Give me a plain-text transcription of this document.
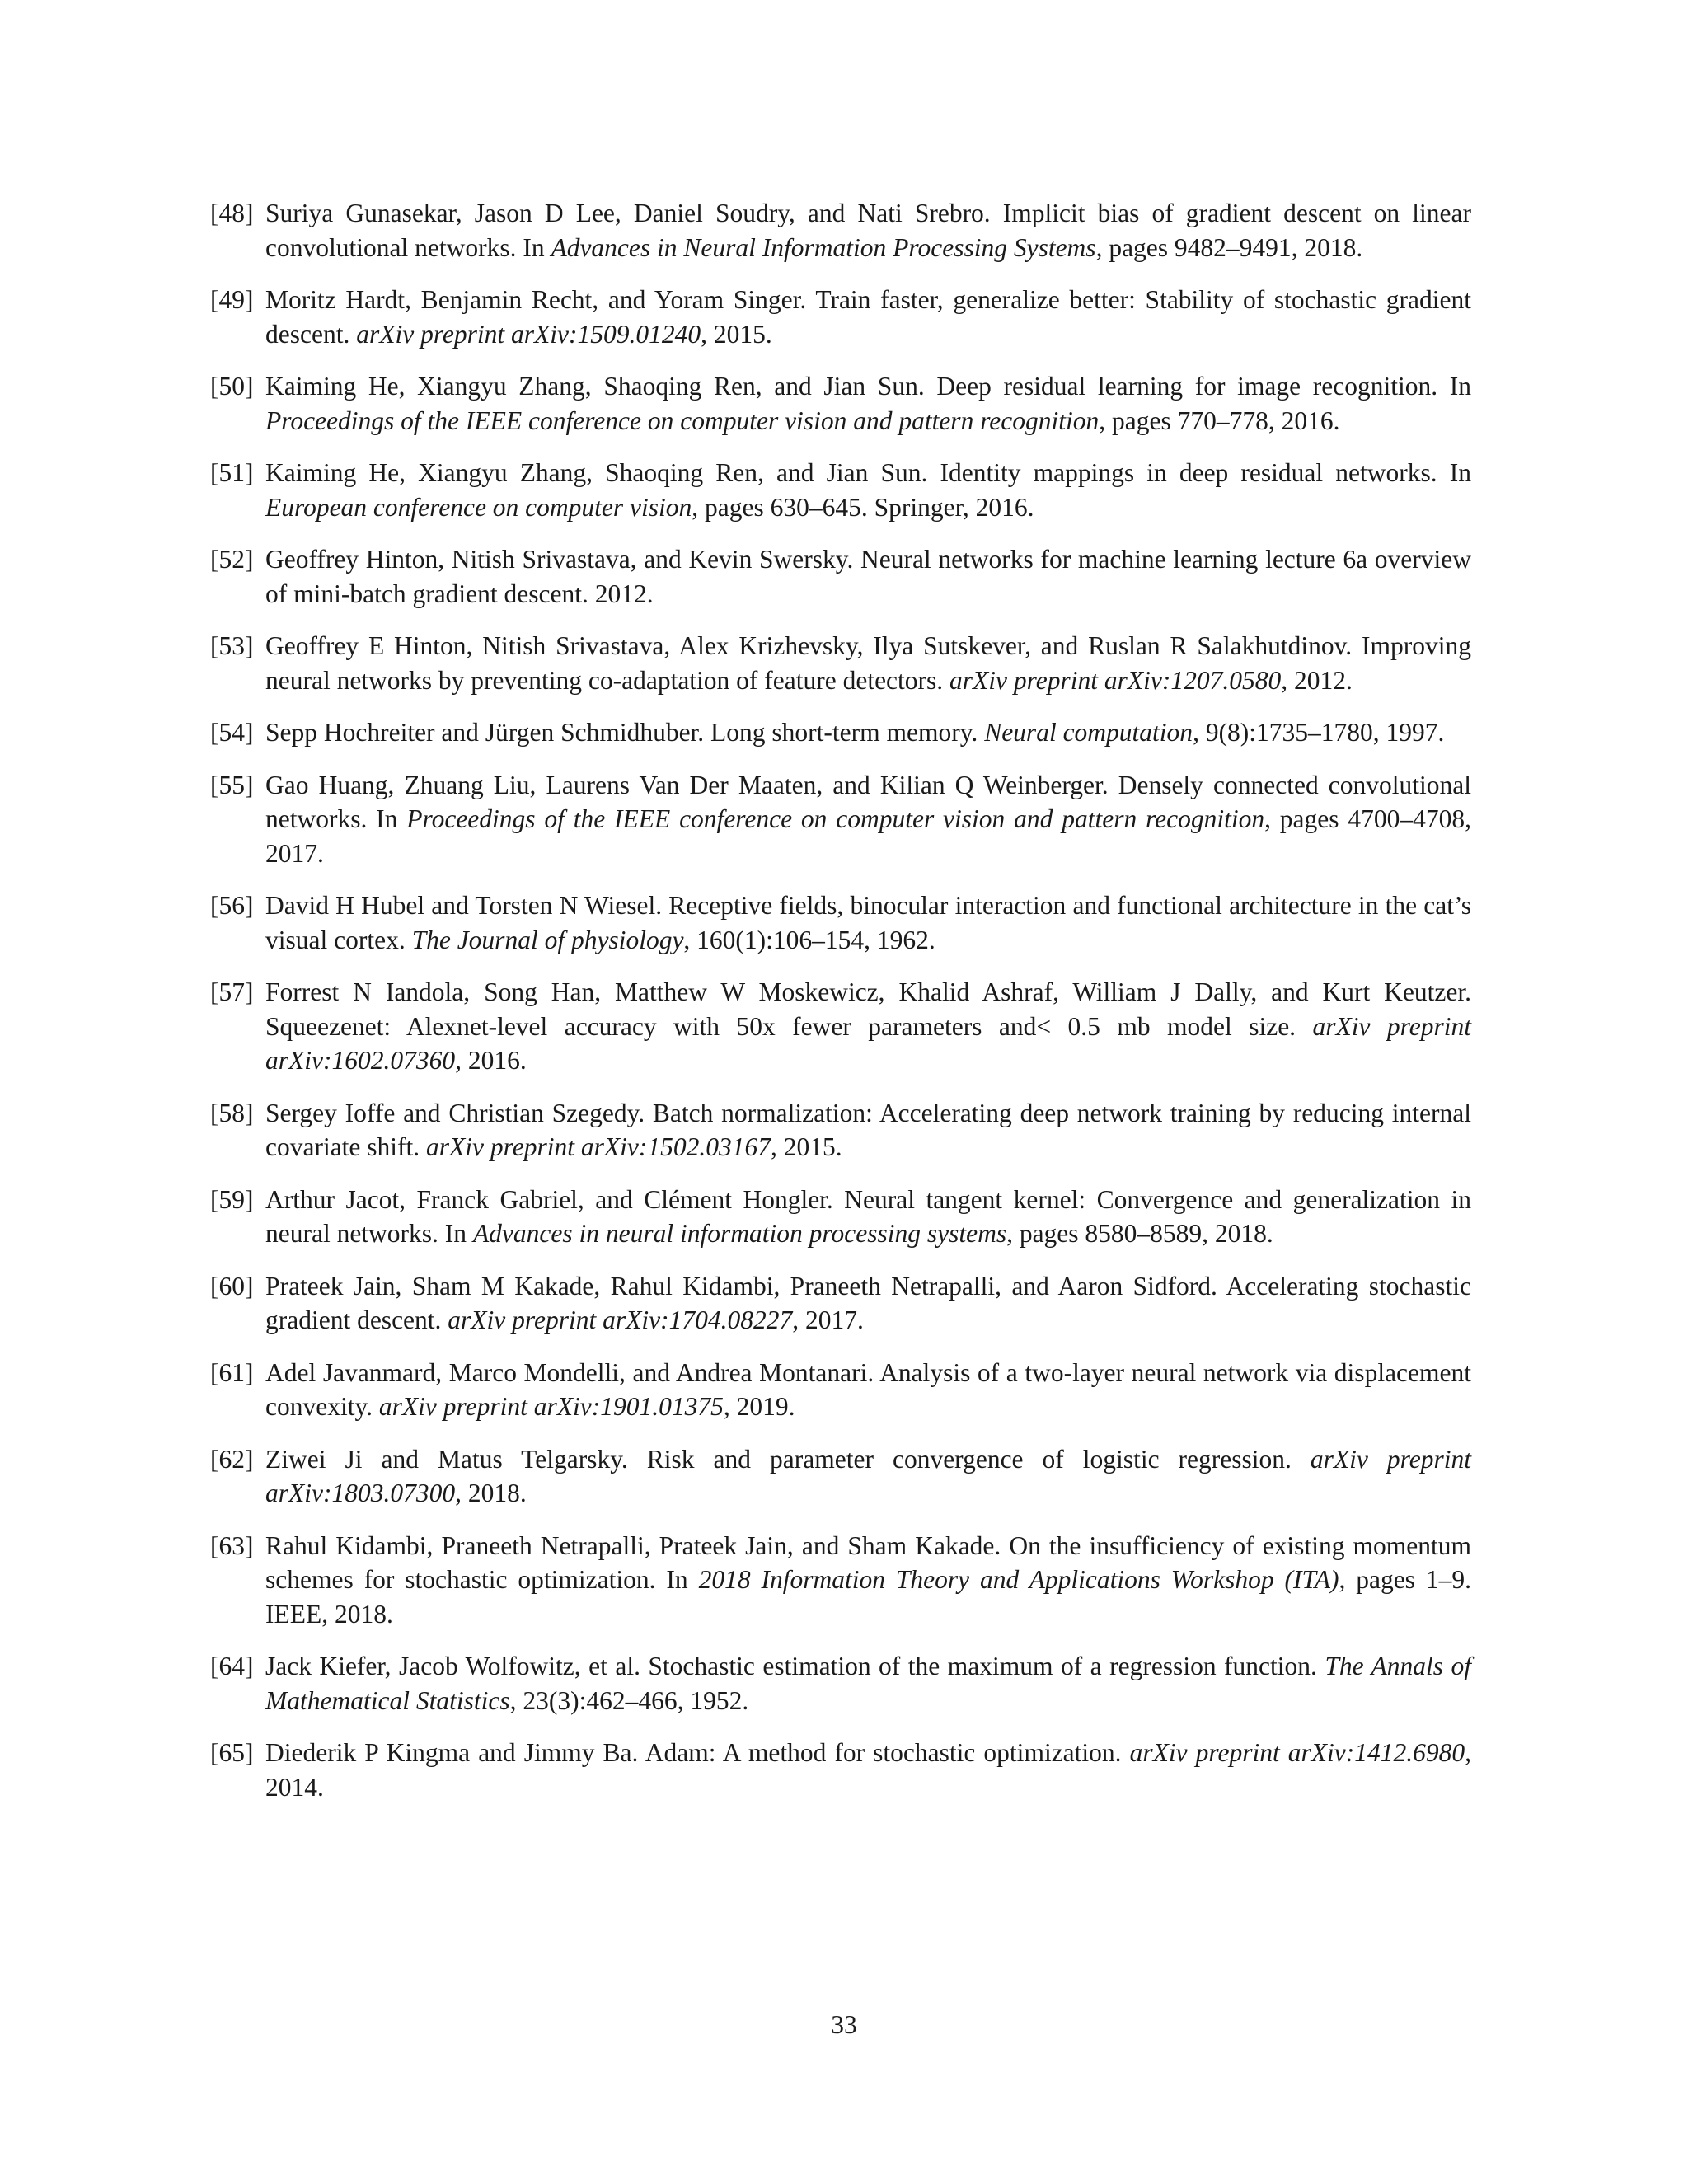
[48] Suriya Gunasekar, Jason D Lee, Daniel Soudry, and Nati Srebro. Implicit bias of gradient descent on linear convolutional networks. In Advances in Neural Information Processing Systems, pages 9482–9491, 2018.
[49] Moritz Hardt, Benjamin Recht, and Yoram Singer. Train faster, generalize better: Stability of stochastic gradient descent. arXiv preprint arXiv:1509.01240, 2015.
[50] Kaiming He, Xiangyu Zhang, Shaoqing Ren, and Jian Sun. Deep residual learning for image recognition. In Proceedings of the IEEE conference on computer vision and pattern recognition, pages 770–778, 2016.
[51] Kaiming He, Xiangyu Zhang, Shaoqing Ren, and Jian Sun. Identity mappings in deep residual networks. In European conference on computer vision, pages 630–645. Springer, 2016.
[52] Geoffrey Hinton, Nitish Srivastava, and Kevin Swersky. Neural networks for machine learning lecture 6a overview of mini-batch gradient descent. 2012.
[53] Geoffrey E Hinton, Nitish Srivastava, Alex Krizhevsky, Ilya Sutskever, and Ruslan R Salakhutdinov. Improving neural networks by preventing co-adaptation of feature detectors. arXiv preprint arXiv:1207.0580, 2012.
[54] Sepp Hochreiter and Jürgen Schmidhuber. Long short-term memory. Neural computation, 9(8):1735–1780, 1997.
[55] Gao Huang, Zhuang Liu, Laurens Van Der Maaten, and Kilian Q Weinberger. Densely connected convolutional networks. In Proceedings of the IEEE conference on computer vision and pattern recognition, pages 4700–4708, 2017.
[56] David H Hubel and Torsten N Wiesel. Receptive fields, binocular interaction and functional architecture in the cat’s visual cortex. The Journal of physiology, 160(1):106–154, 1962.
[57] Forrest N Iandola, Song Han, Matthew W Moskewicz, Khalid Ashraf, William J Dally, and Kurt Keutzer. Squeezenet: Alexnet-level accuracy with 50x fewer parameters and< 0.5 mb model size. arXiv preprint arXiv:1602.07360, 2016.
[58] Sergey Ioffe and Christian Szegedy. Batch normalization: Accelerating deep network training by reducing internal covariate shift. arXiv preprint arXiv:1502.03167, 2015.
[59] Arthur Jacot, Franck Gabriel, and Clément Hongler. Neural tangent kernel: Convergence and generalization in neural networks. In Advances in neural information processing systems, pages 8580–8589, 2018.
[60] Prateek Jain, Sham M Kakade, Rahul Kidambi, Praneeth Netrapalli, and Aaron Sidford. Accelerating stochastic gradient descent. arXiv preprint arXiv:1704.08227, 2017.
[61] Adel Javanmard, Marco Mondelli, and Andrea Montanari. Analysis of a two-layer neural network via displacement convexity. arXiv preprint arXiv:1901.01375, 2019.
[62] Ziwei Ji and Matus Telgarsky. Risk and parameter convergence of logistic regression. arXiv preprint arXiv:1803.07300, 2018.
[63] Rahul Kidambi, Praneeth Netrapalli, Prateek Jain, and Sham Kakade. On the insufficiency of existing momentum schemes for stochastic optimization. In 2018 Information Theory and Applications Workshop (ITA), pages 1–9. IEEE, 2018.
[64] Jack Kiefer, Jacob Wolfowitz, et al. Stochastic estimation of the maximum of a regression function. The Annals of Mathematical Statistics, 23(3):462–466, 1952.
[65] Diederik P Kingma and Jimmy Ba. Adam: A method for stochastic optimization. arXiv preprint arXiv:1412.6980, 2014.
33
